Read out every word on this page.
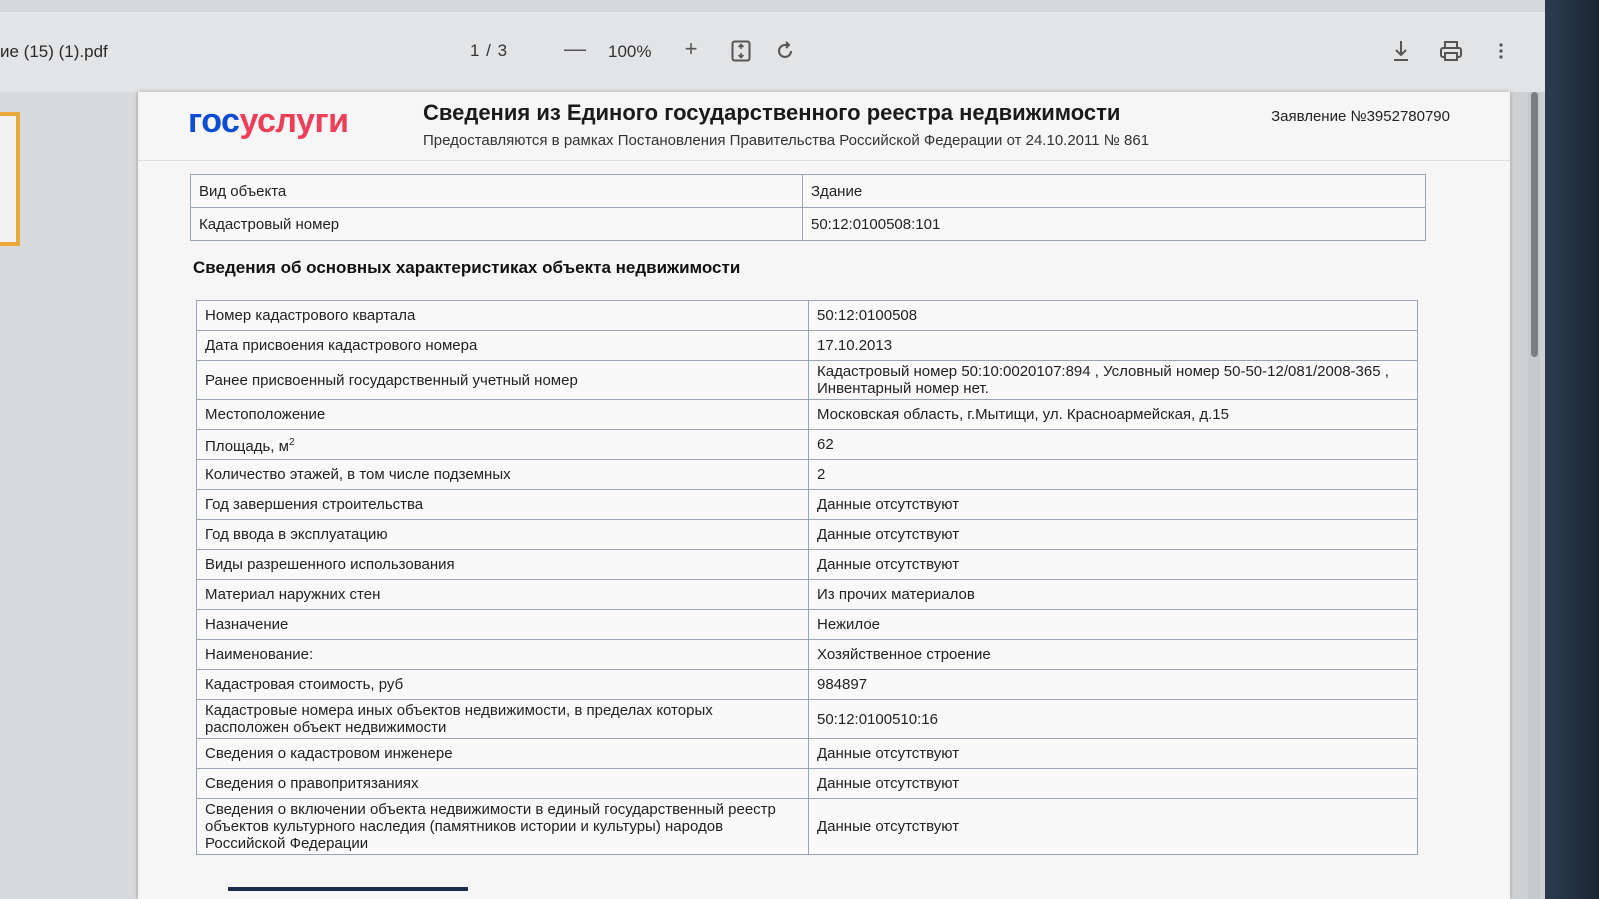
ие (15) (1).pdf	1 / 3	— 100% +
госуслуги	Сведения из Единого государственного реестра недвижимости
Предоставляются в рамках Постановления Правительства Российской Федерации от 24.10.2011 № 861
Заявление №3952780790
Вид объекта	Здание
Кадастровый номер	50:12:0100508:101
Сведения об основных характеристиках объекта недвижимости
Номер кадастрового квартала	50:12:0100508
Дата присвоения кадастрового номера	17.10.2013
Ранее присвоенный государственный учетный номер	Кадастровый номер 50:10:0020107:894 , Условный номер 50-50-12/081/2008-365 , Инвентарный номер нет.
Местоположение	Московская область, г.Мытищи, ул. Красноармейская, д.15
Площадь, $м^2$	62
Количество этажей, в том числе подземных	2
Год завершения строительства	Данные отсутствуют
Год ввода в эксплуатацию	Данные отсутствуют
Виды разрешенного использования	Данные отсутствуют
Материал наружних стен	Из прочих материалов
Назначение	Нежилое
Наименование:	Хозяйственное строение
Кадастровая стоимость, руб	984897
Кадастровые номера иных объектов недвижимости, в пределах которых расположен объект недвижимости	50:12:0100510:16
Сведения о кадастровом инженере	Данные отсутствуют
Сведения о правопритязаниях	Данные отсутствуют
Сведения о включении объекта недвижимости в единый государственный реестр объектов культурного наследия (памятников истории и культуры) народов Российской Федерации	Данные отсутствуют
